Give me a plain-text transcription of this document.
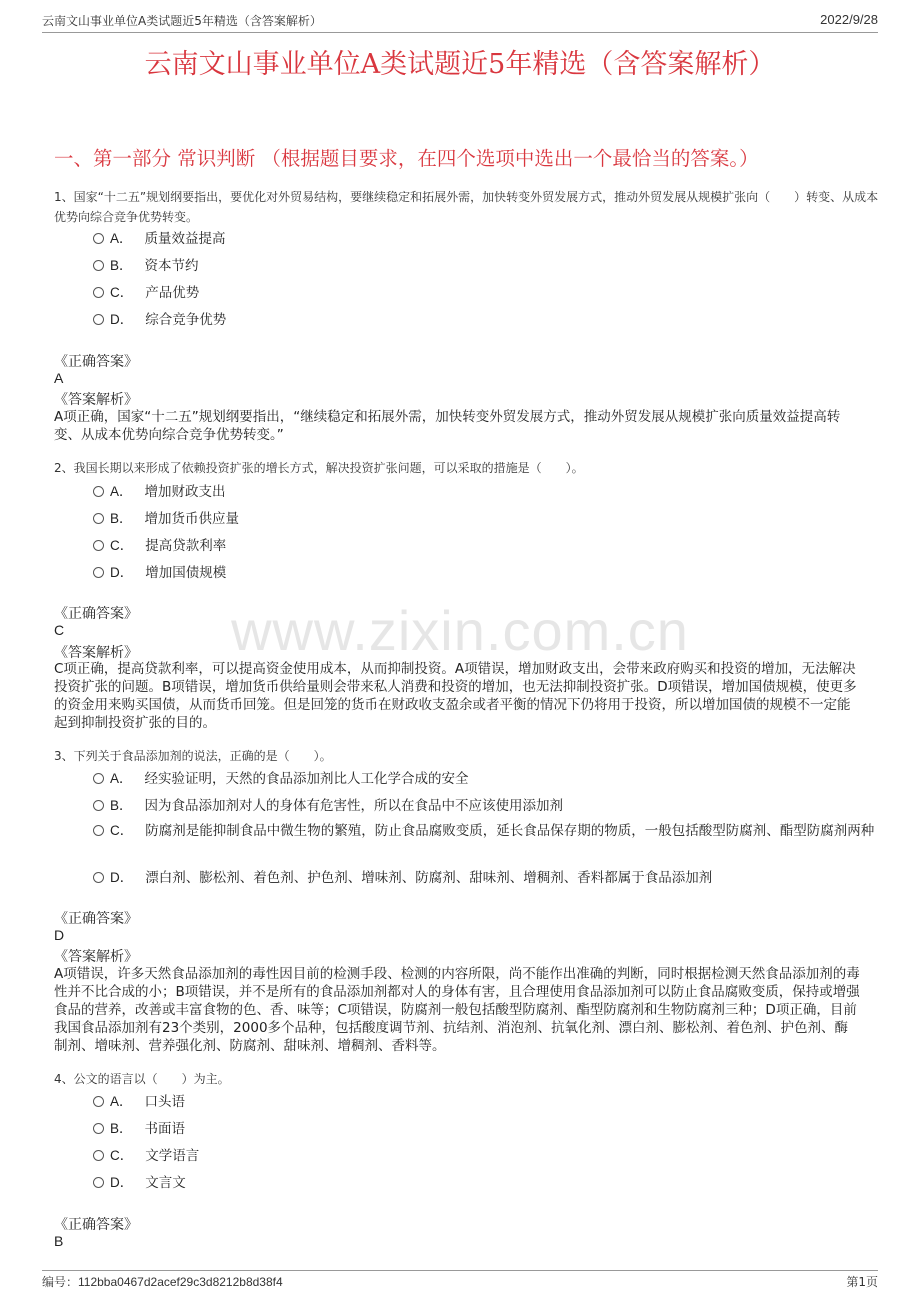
云南文山事业单位A类试题近5年精选（含答案解析）	2022/9/28
云南文山事业单位A类试题近5年精选（含答案解析）
一、第一部分 常识判断 （根据题目要求，在四个选项中选出一个最恰当的答案。）
www.zixin.com.cn
1、国家“十二五”规划纲要指出，要优化对外贸易结构，要继续稳定和拓展外需，加快转变外贸发展方式，推动外贸发展从规模扩张向（　　）转变、从成本优势向综合竞争优势转变。
A． 质量效益提高
B． 资本节约
C． 产品优势
D． 综合竞争优势
《正确答案》
A
《答案解析》
A项正确，国家“十二五”规划纲要指出，“继续稳定和拓展外需，加快转变外贸发展方式，推动外贸发展从规模扩张向质量效益提高转变、从成本优势向综合竞争优势转变。”
2、我国长期以来形成了依赖投资扩张的增长方式，解决投资扩张问题，可以采取的措施是（　　）。
A． 增加财政支出
B． 增加货币供应量
C． 提高贷款利率
D． 增加国债规模
《正确答案》
C
《答案解析》
C项正确，提高贷款利率，可以提高资金使用成本，从而抑制投资。A项错误，增加财政支出，会带来政府购买和投资的增加，无法解决投资扩张的问题。B项错误，增加货币供给量则会带来私人消费和投资的增加，也无法抑制投资扩张。D项错误，增加国债规模，使更多的资金用来购买国债，从而货币回笼。但是回笼的货币在财政收支盈余或者平衡的情况下仍将用于投资，所以增加国债的规模不一定能起到抑制投资扩张的目的。
3、下列关于食品添加剂的说法，正确的是（　　）。
A． 经实验证明，天然的食品添加剂比人工化学合成的安全
B． 因为食品添加剂对人的身体有危害性，所以在食品中不应该使用添加剂
C． 防腐剂是能抑制食品中微生物的繁殖，防止食品腐败变质，延长食品保存期的物质，一般包括酸型防腐剂、酯型防腐剂两种
D． 漂白剂、膨松剂、着色剂、护色剂、增味剂、防腐剂、甜味剂、增稠剂、香料都属于食品添加剂
《正确答案》
D
《答案解析》
A项错误，许多天然食品添加剂的毒性因目前的检测手段、检测的内容所限，尚不能作出准确的判断，同时根据检测天然食品添加剂的毒性并不比合成的小；B项错误，并不是所有的食品添加剂都对人的身体有害，且合理使用食品添加剂可以防止食品腐败变质，保持或增强食品的营养，改善或丰富食物的色、香、味等；C项错误，防腐剂一般包括酸型防腐剂、酯型防腐剂和生物防腐剂三种；D项正确，目前我国食品添加剂有23个类别，2000多个品种，包括酸度调节剂、抗结剂、消泡剂、抗氧化剂、漂白剂、膨松剂、着色剂、护色剂、酶制剂、增味剂、营养强化剂、防腐剂、甜味剂、增稠剂、香料等。
4、公文的语言以（　　）为主。
A． 口头语
B． 书面语
C． 文学语言
D． 文言文
《正确答案》
B
编号：112bba0467d2acef29c3d8212b8d38f4	第1页
